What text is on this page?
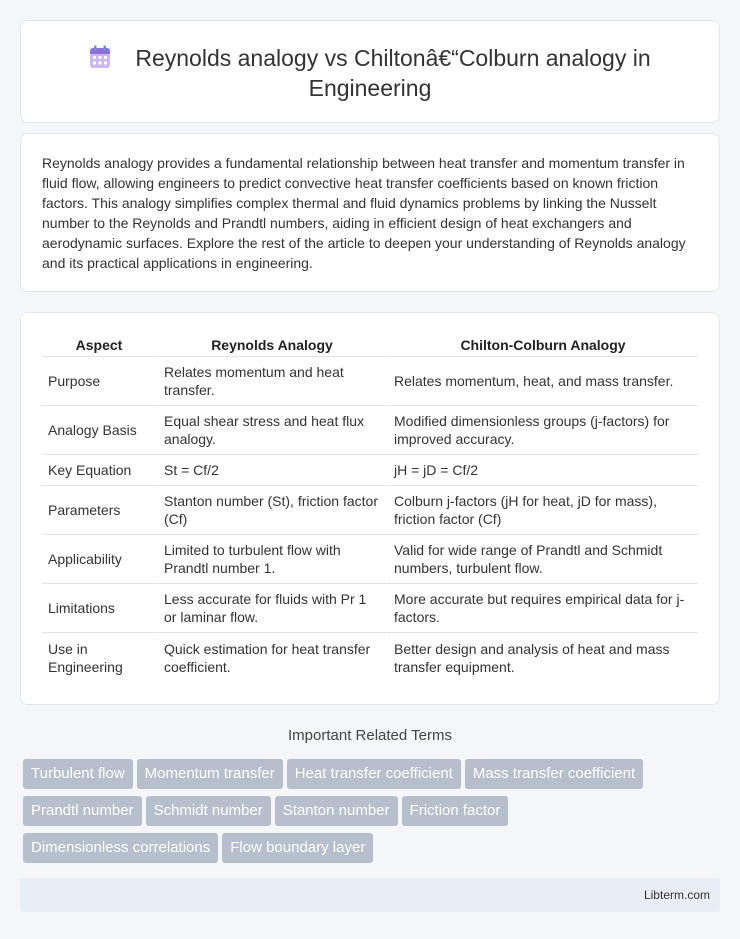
Reynolds analogy vs Chiltonâ€“Colburn analogy in
Engineering

Reynolds analogy provides a fundamental relationship between heat transfer and momentum transfer in fluid flow, allowing engineers to predict convective heat transfer coefficients based on known friction factors. This analogy simplifies complex thermal and fluid dynamics problems by linking the Nusselt number to the Reynolds and Prandtl numbers, aiding in efficient design of heat exchangers and aerodynamic surfaces. Explore the rest of the article to deepen your understanding of Reynolds analogy and its practical applications in engineering.

Aspect	Reynolds Analogy	Chilton-Colburn Analogy
Purpose	Relates momentum and heat transfer.	Relates momentum, heat, and mass transfer.
Analogy Basis	Equal shear stress and heat flux analogy.	Modified dimensionless groups (j-factors) for improved accuracy.
Key Equation	St = Cf/2	jH = jD = Cf/2
Parameters	Stanton number (St), friction factor (Cf)	Colburn j-factors (jH for heat, jD for mass), friction factor (Cf)
Applicability	Limited to turbulent flow with Prandtl number 1.	Valid for wide range of Prandtl and Schmidt numbers, turbulent flow.
Limitations	Less accurate for fluids with Pr 1 or laminar flow.	More accurate but requires empirical data for j-factors.
Use in Engineering	Quick estimation for heat transfer coefficient.	Better design and analysis of heat and mass transfer equipment.
Important Related Terms
Turbulent flow Momentum transfer Heat transfer coefficient Mass transfer coefficient
Prandtl number Schmidt number Stanton number Friction factor
Dimensionless correlations Flow boundary layer
Libterm.com
